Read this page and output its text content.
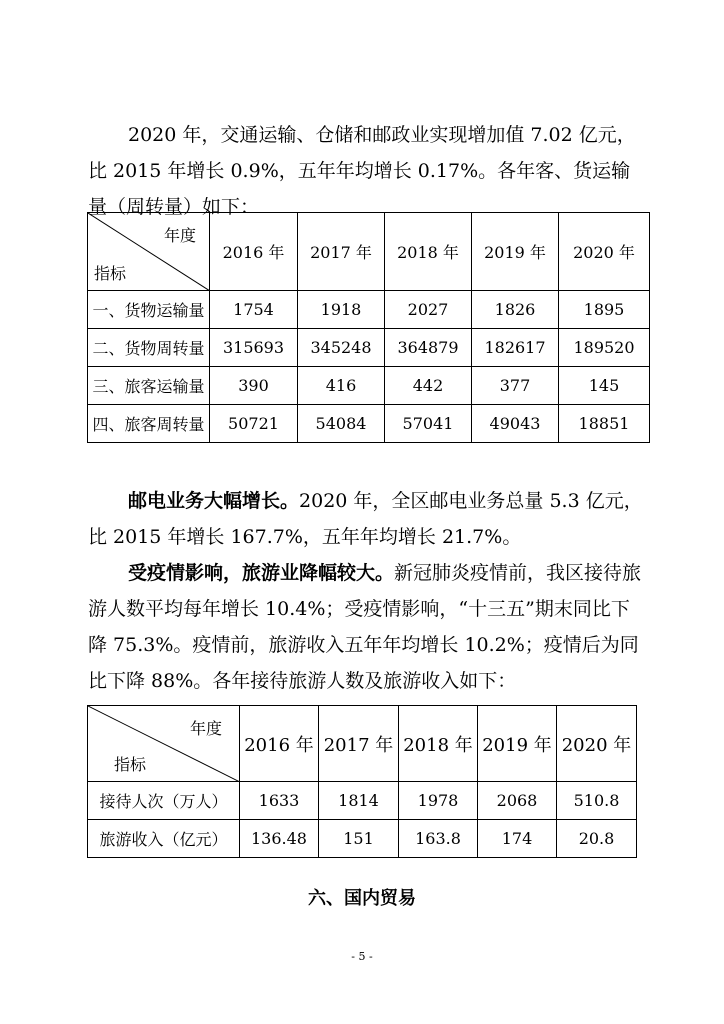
2020 年，交通运输、仓储和邮政业实现增加值 7.02 亿元，比 2015 年增长 0.9%，五年年均增长 0.17%。各年客、货运输量（周转量）如下：

年度
指标	2016 年	2017 年	2018 年	2019 年	2020 年
一、货物运输量	1754	1918	2027	1826	1895
二、货物周转量	315693	345248	364879	182617	189520
三、旅客运输量	390	416	442	377	145
四、旅客周转量	50721	54084	57041	49043	18851

邮电业务大幅增长。2020 年，全区邮电业务总量 5.3 亿元，比 2015 年增长 167.7%，五年年均增长 21.7%。

受疫情影响，旅游业降幅较大。新冠肺炎疫情前，我区接待旅游人数平均每年增长 10.4%；受疫情影响，“十三五”期末同比下降 75.3%。疫情前，旅游收入五年年均增长 10.2%；疫情后为同比下降 88%。各年接待旅游人数及旅游收入如下：

年度
指标	2016 年	2017 年	2018 年	2019 年	2020 年
接待人次（万人）	1633	1814	1978	2068	510.8
旅游收入（亿元）	136.48	151	163.8	174	20.8
六、国内贸易
- 5 -
